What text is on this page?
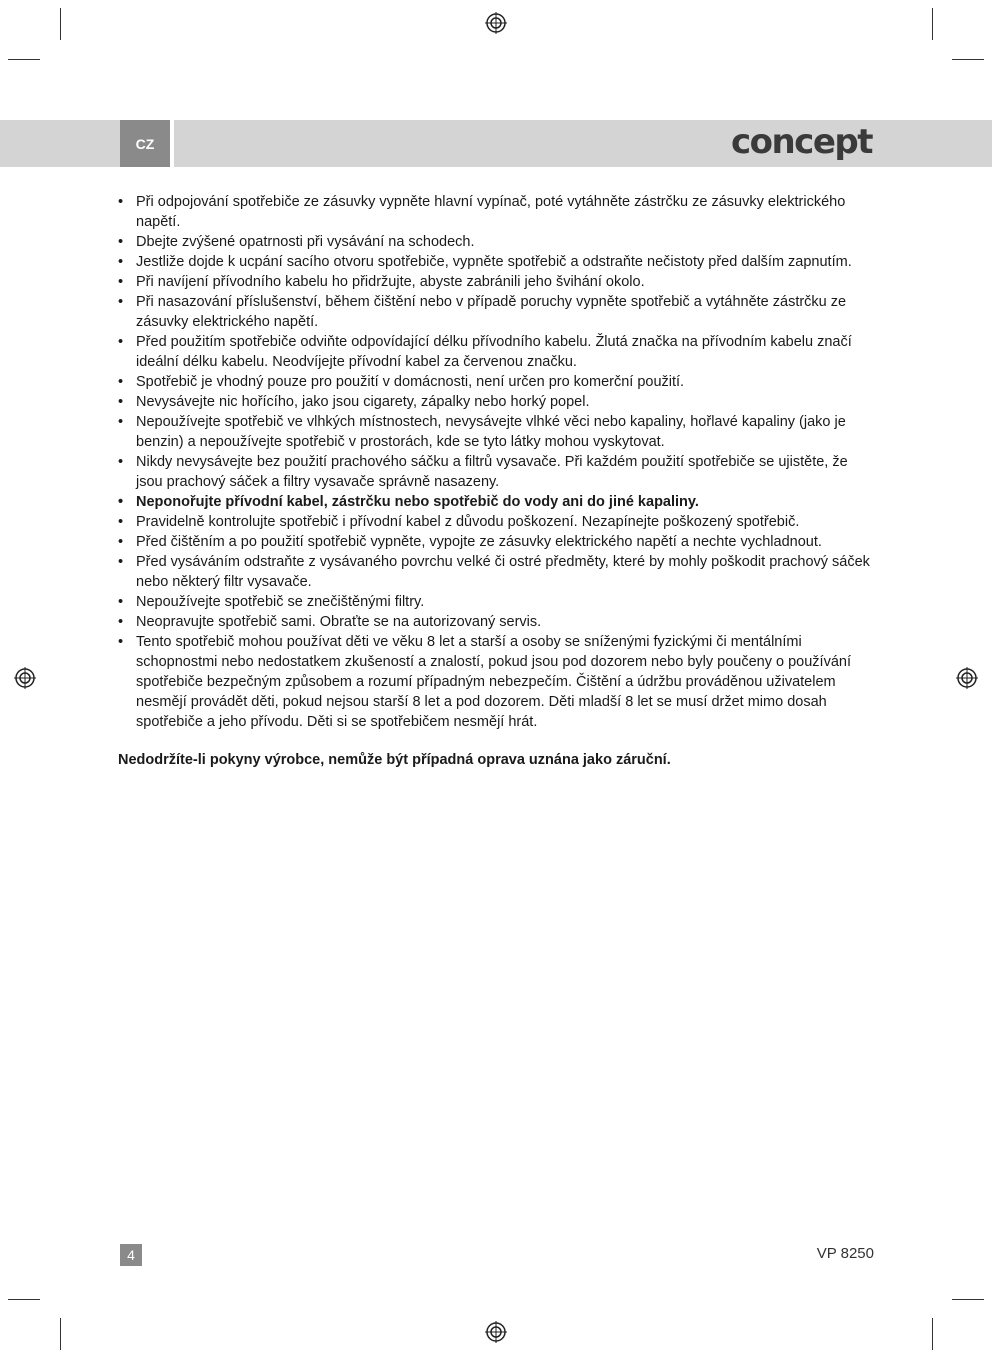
CZ	concept
• Při odpojování spotřebiče ze zásuvky vypněte hlavní vypínač, poté vytáhněte zástrčku ze zásuvky elektrického napětí.
• Dbejte zvýšené opatrnosti při vysávání na schodech.
• Jestliže dojde k ucpání sacího otvoru spotřebiče, vypněte spotřebič a odstraňte nečistoty před dalším zapnutím.
• Při navíjení přívodního kabelu ho přidržujte, abyste zabránili jeho švihání okolo.
• Při nasazování příslušenství, během čištění nebo v případě poruchy vypněte spotřebič a vytáhněte zástrčku ze zásuvky elektrického napětí.
• Před použitím spotřebiče odviňte odpovídající délku přívodního kabelu. Žlutá značka na přívodním kabelu značí ideální délku kabelu. Neodvíjejte přívodní kabel za červenou značku.
• Spotřebič je vhodný pouze pro použití v domácnosti, není určen pro komerční použití.
• Nevysávejte nic hořícího, jako jsou cigarety, zápalky nebo horký popel.
• Nepoužívejte spotřebič ve vlhkých místnostech, nevysávejte vlhké věci nebo kapaliny, hořlavé kapaliny (jako je benzin) a nepoužívejte spotřebič v prostorách, kde se tyto látky mohou vyskytovat.
• Nikdy nevysávejte bez použití prachového sáčku a filtrů vysavače. Při každém použití spotřebiče se ujistěte, že jsou prachový sáček a filtry vysavače správně nasazeny.
• Neponořujte přívodní kabel, zástrčku nebo spotřebič do vody ani do jiné kapaliny.
• Pravidelně kontrolujte spotřebič i přívodní kabel z důvodu poškození. Nezapínejte poškozený spotřebič.
• Před čištěním a po použití spotřebič vypněte, vypojte ze zásuvky elektrického napětí a nechte vychladnout.
• Před vysáváním odstraňte z vysávaného povrchu velké či ostré předměty, které by mohly poškodit prachový sáček nebo některý filtr vysavače.
• Nepoužívejte spotřebič se znečištěnými filtry.
• Neopravujte spotřebič sami. Obraťte se na autorizovaný servis.
• Tento spotřebič mohou používat děti ve věku 8 let a starší a osoby se sníženými fyzickými či mentálními schopnostmi nebo nedostatkem zkušeností a znalostí, pokud jsou pod dozorem nebo byly poučeny o používání spotřebiče bezpečným způsobem a rozumí případným nebezpečím. Čištění a údržbu prováděnou uživatelem nesmějí provádět děti, pokud nejsou starší 8 let a pod dozorem. Děti mladší 8 let se musí držet mimo dosah spotřebiče a jeho přívodu. Děti si se spotřebičem nesmějí hrát.
Nedodržíte-li pokyny výrobce, nemůže být případná oprava uznána jako záruční.
4	VP 8250
